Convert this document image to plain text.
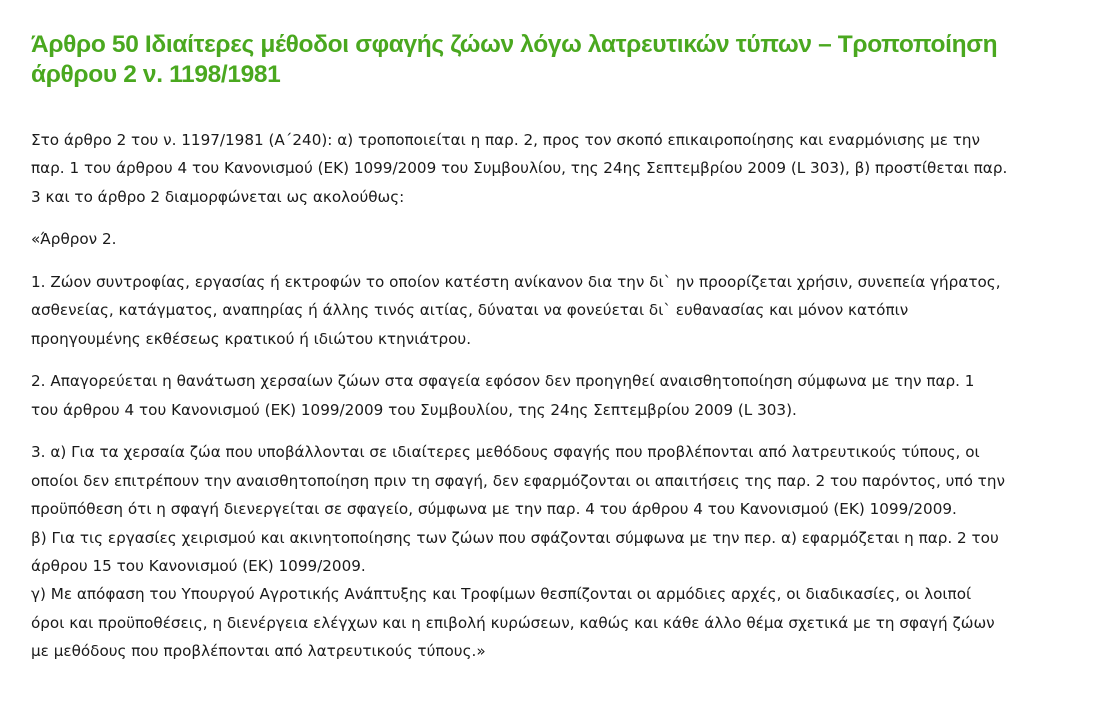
Άρθρο 50 Ιδιαίτερες μέθοδοι σφαγής ζώων λόγω λατρευτικών τύπων – Τροποποίηση
άρθρου 2 ν. 1198/1981

Στο άρθρο 2 του ν. 1197/1981 (Α΄240): α) τροποποιείται η παρ. 2, προς τον σκοπό επικαιροποίησης και εναρμόνισης με την
παρ. 1 του άρθρου 4 του Κανονισμού (ΕΚ) 1099/2009 του Συμβουλίου, της 24ης Σεπτεμβρίου 2009 (L 303), β) προστίθεται παρ.
3 και το άρθρο 2 διαμορφώνεται ως ακολούθως:

«Άρθρον 2.

1. Ζώον συντροφίας, εργασίας ή εκτροφών το οποίον κατέστη ανίκανον δια την δι` ην προορίζεται χρήσιν, συνεπεία γήρατος,
ασθενείας, κατάγματος, αναπηρίας ή άλλης τινός αιτίας, δύναται να φονεύεται δι` ευθανασίας και μόνον κατόπιν
προηγουμένης εκθέσεως κρατικού ή ιδιώτου κτηνιάτρου.

2. Απαγορεύεται η θανάτωση χερσαίων ζώων στα σφαγεία εφόσον δεν προηγηθεί αναισθητοποίηση σύμφωνα με την παρ. 1
του άρθρου 4 του Κανονισμού (ΕΚ) 1099/2009 του Συμβουλίου, της 24ης Σεπτεμβρίου 2009 (L 303).

3. α) Για τα χερσαία ζώα που υποβάλλονται σε ιδιαίτερες μεθόδους σφαγής που προβλέπονται από λατρευτικούς τύπους, οι
οποίοι δεν επιτρέπουν την αναισθητοποίηση πριν τη σφαγή, δεν εφαρμόζονται οι απαιτήσεις της παρ. 2 του παρόντος, υπό την
προϋπόθεση ότι η σφαγή διενεργείται σε σφαγείο, σύμφωνα με την παρ. 4 του άρθρου 4 του Κανονισμού (ΕΚ) 1099/2009.
β) Για τις εργασίες χειρισμού και ακινητοποίησης των ζώων που σφάζονται σύμφωνα με την περ. α) εφαρμόζεται η παρ. 2 του
άρθρου 15 του Κανονισμού (ΕΚ) 1099/2009.
γ) Με απόφαση του Υπουργού Αγροτικής Ανάπτυξης και Τροφίμων θεσπίζονται οι αρμόδιες αρχές, οι διαδικασίες, οι λοιποί
όροι και προϋποθέσεις, η διενέργεια ελέγχων και η επιβολή κυρώσεων, καθώς και κάθε άλλο θέμα σχετικά με τη σφαγή ζώων
με μεθόδους που προβλέπονται από λατρευτικούς τύπους.»
